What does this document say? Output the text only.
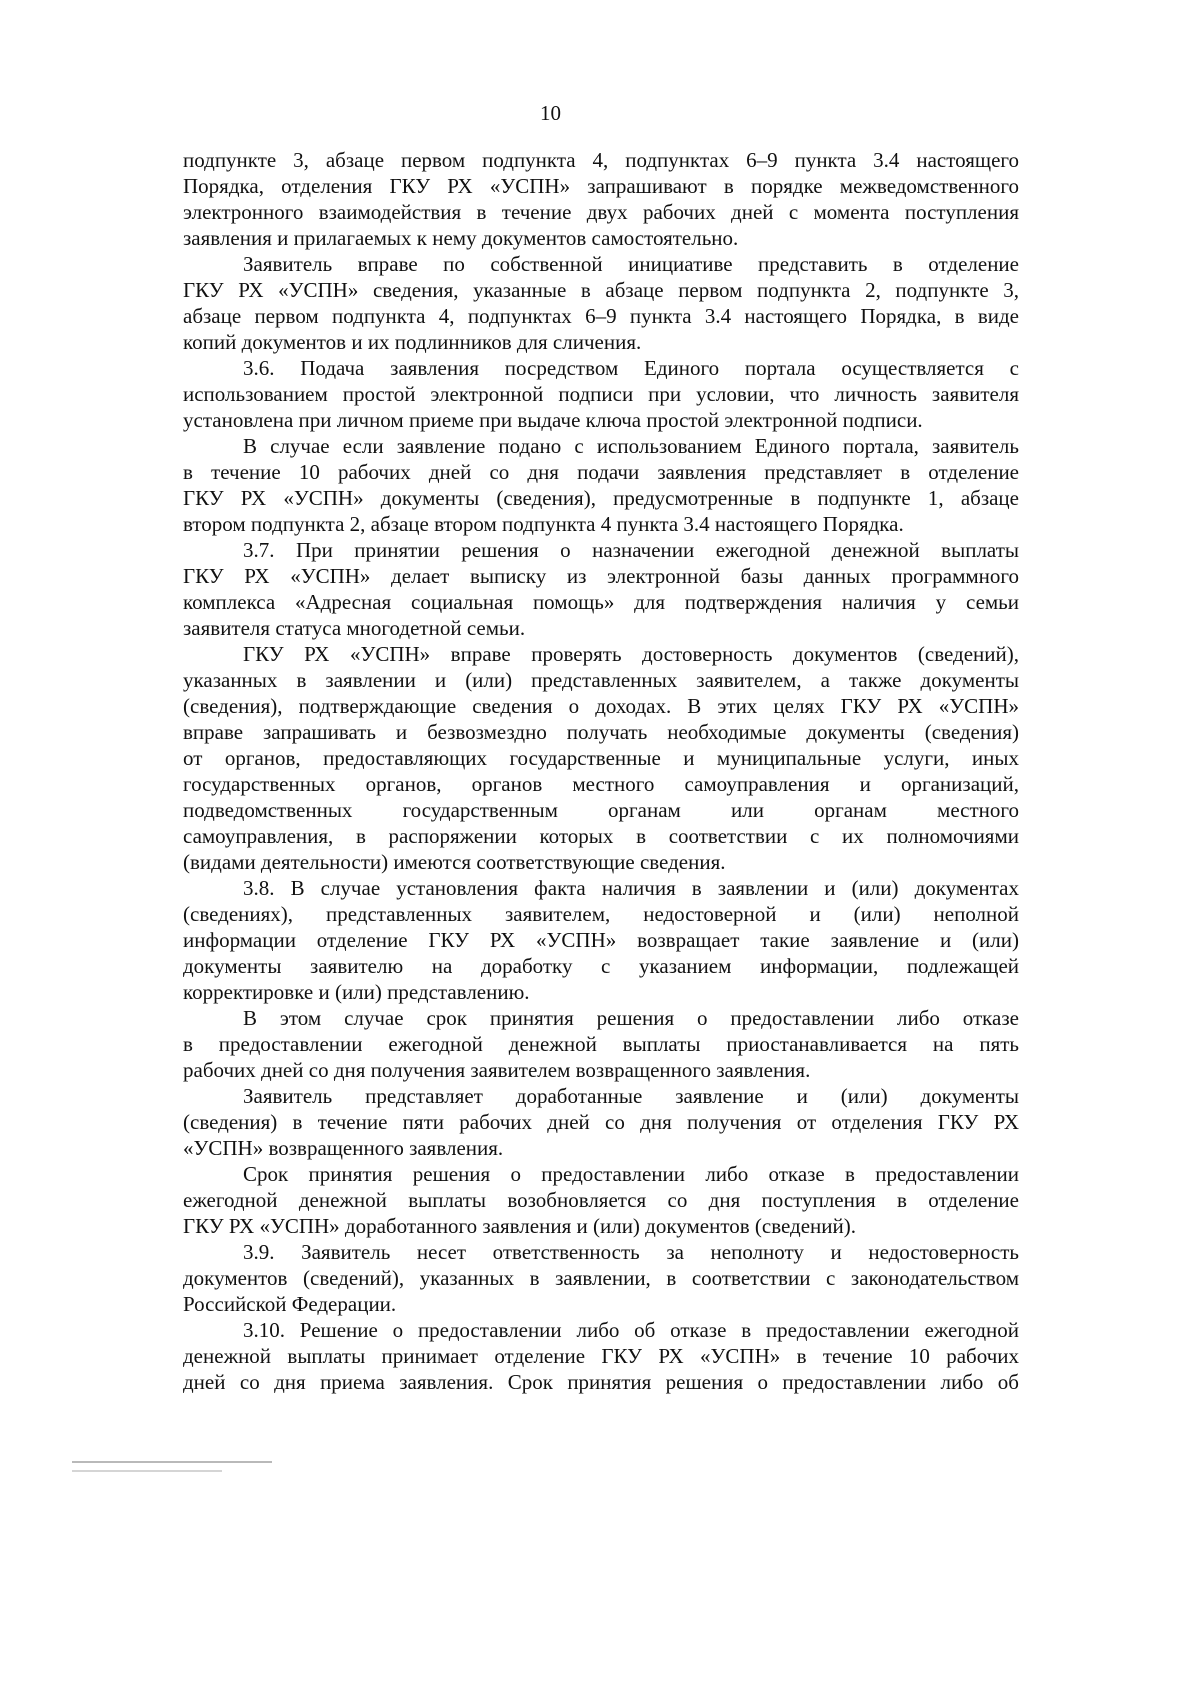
10

подпункте 3, абзаце первом подпункта 4, подпунктах 6–9 пункта 3.4 настоящего

Порядка, отделения ГКУ РХ «УСПН» запрашивают в порядке межведомственного

электронного взаимодействия в течение двух рабочих дней с момента поступления

заявления и прилагаемых к нему документов самостоятельно.

Заявитель вправе по собственной инициативе представить в отделение

ГКУ РХ «УСПН» сведения, указанные в абзаце первом подпункта 2, подпункте 3,

абзаце первом подпункта 4, подпунктах 6–9 пункта 3.4 настоящего Порядка, в виде

копий документов и их подлинников для сличения.

3.6. Подача заявления посредством Единого портала осуществляется с

использованием простой электронной подписи при условии, что личность заявителя

установлена при личном приеме при выдаче ключа простой электронной подписи.

В случае если заявление подано с использованием Единого портала, заявитель

в течение 10 рабочих дней со дня подачи заявления представляет в отделение

ГКУ РХ «УСПН» документы (сведения), предусмотренные в подпункте 1, абзаце

втором подпункта 2, абзаце втором подпункта 4 пункта 3.4 настоящего Порядка.

3.7. При принятии решения о назначении ежегодной денежной выплаты

ГКУ РХ «УСПН» делает выписку из электронной базы данных программного

комплекса «Адресная социальная помощь» для подтверждения наличия у семьи

заявителя статуса многодетной семьи.

ГКУ РХ «УСПН» вправе проверять достоверность документов (сведений),

указанных в заявлении и (или) представленных заявителем, а также документы

(сведения), подтверждающие сведения о доходах. В этих целях ГКУ РХ «УСПН»

вправе запрашивать и безвозмездно получать необходимые документы (сведения)

от органов, предоставляющих государственные и муниципальные услуги, иных

государственных органов, органов местного самоуправления и организаций,

подведомственных государственным органам или органам местного

самоуправления, в распоряжении которых в соответствии с их полномочиями

(видами деятельности) имеются соответствующие сведения.

3.8. В случае установления факта наличия в заявлении и (или) документах

(сведениях), представленных заявителем, недостоверной и (или) неполной

информации отделение ГКУ РХ «УСПН» возвращает такие заявление и (или)

документы заявителю на доработку с указанием информации, подлежащей

корректировке и (или) представлению.

В этом случае срок принятия решения о предоставлении либо отказе

в предоставлении ежегодной денежной выплаты приостанавливается на пять

рабочих дней со дня получения заявителем возвращенного заявления.

Заявитель представляет доработанные заявление и (или) документы

(сведения) в течение пяти рабочих дней со дня получения от отделения ГКУ РХ

«УСПН» возвращенного заявления.

Срок принятия решения о предоставлении либо отказе в предоставлении

ежегодной денежной выплаты возобновляется со дня поступления в отделение

ГКУ РХ «УСПН» доработанного заявления и (или) документов (сведений).

3.9. Заявитель несет ответственность за неполноту и недостоверность

документов (сведений), указанных в заявлении, в соответствии с законодательством

Российской Федерации.

3.10. Решение о предоставлении либо об отказе в предоставлении ежегодной

денежной выплаты принимает отделение ГКУ РХ «УСПН» в течение 10 рабочих

дней со дня приема заявления. Срок принятия решения о предоставлении либо об
